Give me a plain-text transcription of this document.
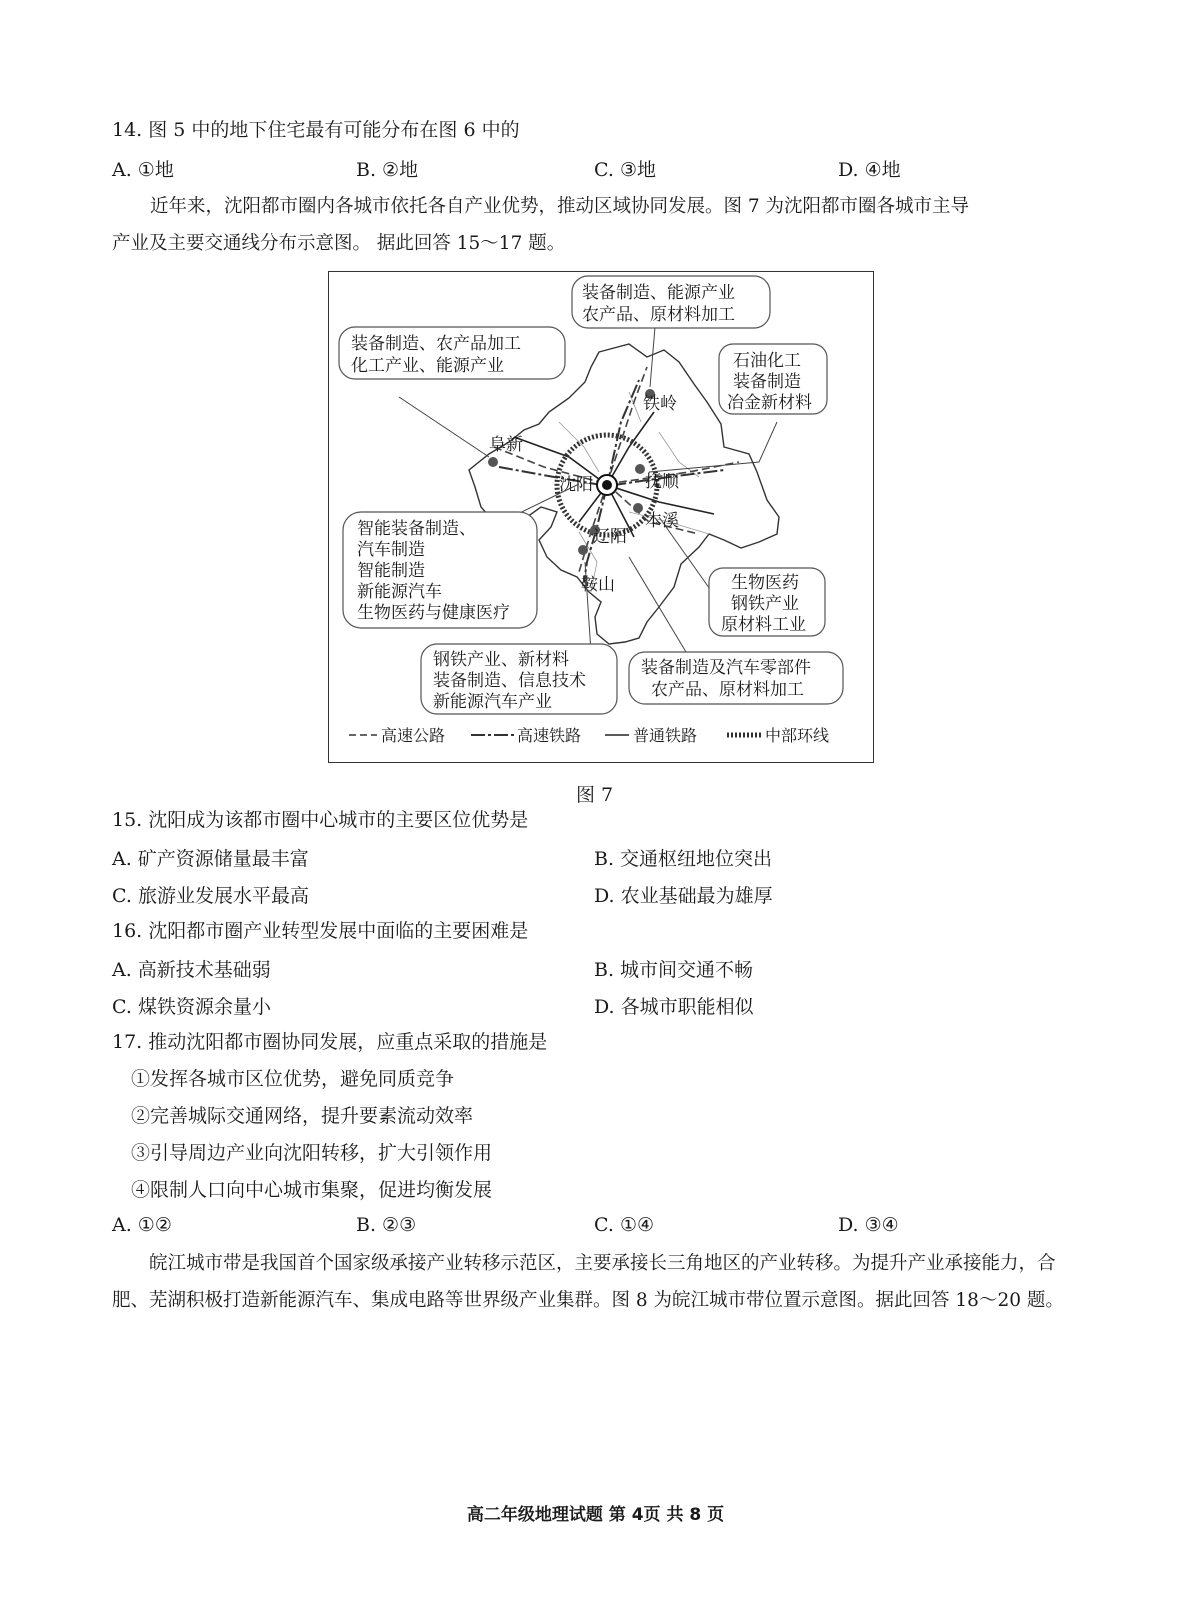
14. 图 5 中的地下住宅最有可能分布在图 6 中的
A. ①地	B. ②地	C. ③地	D. ④地
近年来，沈阳都市圈内各城市依托各自产业优势，推动区域协同发展。图 7 为沈阳都市圈各城市主导
产业及主要交通线分布示意图。 据此回答 15～17 题。
铁岭
阜新
沈阳	抚顺
本溪
辽阳
鞍山
装备制造、能源产业
农产品、原材料加工
装备制造、农产品加工
化工产业、能源产业	石油化工
装备制造
冶金新材料
智能装备制造、
汽车制造
智能制造
新能源汽车
生物医药与健康医疗
生物医药
钢铁产业
原材料工业
钢铁产业、新材料
装备制造、信息技术
新能源汽车产业
装备制造及汽车零部件
农产品、原材料加工
高速公路	高速铁路	普通铁路	中部环线
图 7
15. 沈阳成为该都市圈中心城市的主要区位优势是
A. 矿产资源储量最丰富	B. 交通枢纽地位突出
C. 旅游业发展水平最高	D. 农业基础最为雄厚
16. 沈阳都市圈产业转型发展中面临的主要困难是
A. 高新技术基础弱	B. 城市间交通不畅
C. 煤铁资源余量小	D. 各城市职能相似
17. 推动沈阳都市圈协同发展，应重点采取的措施是
①发挥各城市区位优势，避免同质竞争
②完善城际交通网络，提升要素流动效率
③引导周边产业向沈阳转移，扩大引领作用
④限制人口向中心城市集聚，促进均衡发展
A. ①②	B. ②③	C. ①④	D. ③④
皖江城市带是我国首个国家级承接产业转移示范区，主要承接长三角地区的产业转移。为提升产业承接能力，合肥、芜湖积极打造新能源汽车、集成电路等世界级产业集群。图 8 为皖江城市带位置示意图。据此回答 18～20 题。
高二年级地理试题 第 4页 共 8 页
